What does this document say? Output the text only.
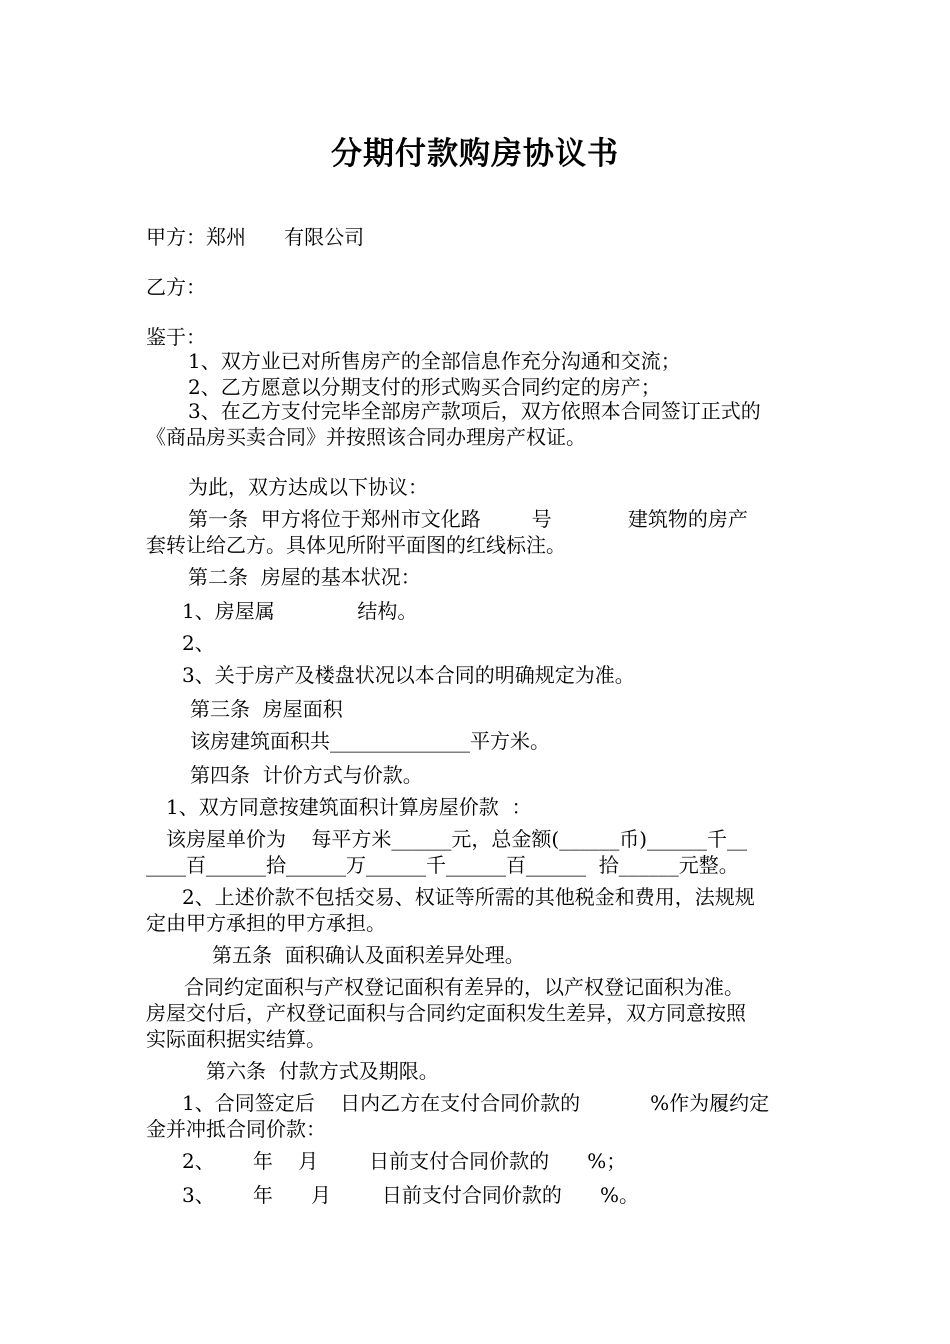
分期付款购房协议书
甲方：郑州      有限公司
乙方：
鉴于：
1、双方业已对所售房产的全部信息作充分沟通和交流；
2、乙方愿意以分期支付的形式购买合同约定的房产；
3、在乙方支付完毕全部房产款项后，双方依照本合同签订正式的
《商品房买卖合同》并按照该合同办理房产权证。
为此，双方达成以下协议：
第一条  甲方将位于郑州市文化路        号            建筑物的房产
套转让给乙方。具体见所附平面图的红线标注。
第二条  房屋的基本状况：
1、房屋属             结构。
2、
3、关于房产及楼盘状况以本合同的明确规定为准。
第三条  房屋面积
该房建筑面积共______________平方米。
第四条  计价方式与价款。
1、双方同意按建筑面积计算房屋价款  ：
该房屋单价为    每平方米______元，总金额(______币)______千__
____百______拾______万______千______百______  拾______元整。
2、上述价款不包括交易、权证等所需的其他税金和费用，法规规
定由甲方承担的甲方承担。
第五条  面积确认及面积差异处理。
合同约定面积与产权登记面积有差异的，以产权登记面积为准。
房屋交付后，产权登记面积与合同约定面积发生差异，双方同意按照
实际面积据实结算。
第六条  付款方式及期限。
1、合同签定后    日内乙方在支付合同价款的           %作为履约定
金并冲抵合同价款：
2、      年    月        日前支付合同价款的      %；
3、      年      月        日前支付合同价款的      %。
